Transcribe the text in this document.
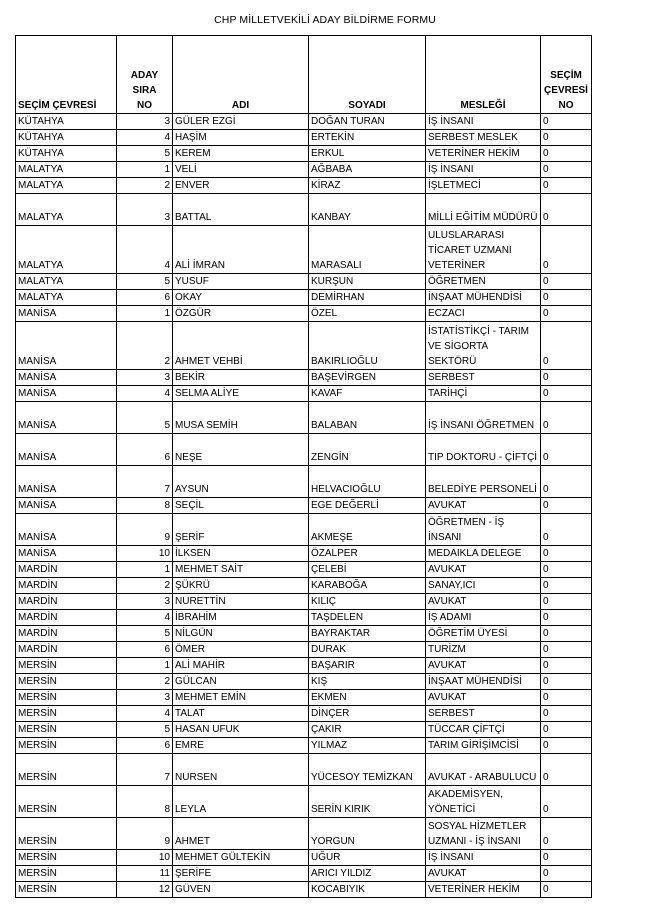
CHP MİLLETVEKİLİ ADAY BİLDİRME FORMU
SEÇİM ÇEVRESİ	ADAY SIRA NO	ADI	SOYADI	MESLEĞİ	SEÇİM ÇEVRESİ NO
KÜTAHYA	3	GÜLER EZGİ	DOĞAN TURAN	İŞ İNSANI	0
KÜTAHYA	4	HAŞİM	ERTEKİN	SERBEST MESLEK	0
KÜTAHYA	5	KEREM	ERKUL	VETERİNER HEKİM	0
MALATYA	1	VELİ	AĞBABA	İŞ İNSANI	0
MALATYA	2	ENVER	KİRAZ	İŞLETMECİ	0
MALATYA	3	BATTAL	KANBAY	MİLLİ EĞİTİM MÜDÜRÜ	0
MALATYA	4	ALİ İMRAN	MARASALI	ULUSLARARASI TİCARET UZMANI VETERİNER	0
MALATYA	5	YUSUF	KURŞUN	ÖĞRETMEN	0
MALATYA	6	OKAY	DEMİRHAN	İNŞAAT MÜHENDİSİ	0
MANİSA	1	ÖZGÜR	ÖZEL	ECZACI	0
MANİSA	2	AHMET VEHBİ	BAKIRLIOĞLU	İSTATİSTİKÇİ - TARIM VE SİGORTA SEKTÖRÜ	0
MANİSA	3	BEKİR	BAŞEVİRGEN	SERBEST	0
MANİSA	4	SELMA ALİYE	KAVAF	TARİHÇİ	0
MANİSA	5	MUSA SEMİH	BALABAN	İŞ İNSANI ÖĞRETMEN	0
MANİSA	6	NEŞE	ZENGİN	TIP DOKTORU - ÇİFTÇİ	0
MANİSA	7	AYSUN	HELVACIOĞLU	BELEDİYE PERSONELİ	0
MANİSA	8	SEÇİL	EGE DEĞERLİ	AVUKAT	0
MANİSA	9	ŞERİF	AKMEŞE	ÖĞRETMEN - İŞ İNSANI	0
MANİSA	10	İLKSEN	ÖZALPER	MEDAIKLA DELEGE	0
MARDİN	1	MEHMET SAİT	ÇELEBİ	AVUKAT	0
MARDİN	2	ŞÜKRÜ	KARABOĞA	SANAY,ICI	0
MARDİN	3	NURETTİN	KILIÇ	AVUKAT	0
MARDİN	4	İBRAHİM	TAŞDELEN	İŞ ADAMI	0
MARDİN	5	NİLGÜN	BAYRAKTAR	ÖĞRETİM ÜYESİ	0
MARDİN	6	ÖMER	DURAK	TURİZM	0
MERSİN	1	ALİ MAHİR	BAŞARIR	AVUKAT	0
MERSİN	2	GÜLCAN	KIŞ	İNŞAAT MÜHENDİSİ	0
MERSİN	3	MEHMET EMİN	EKMEN	AVUKAT	0
MERSİN	4	TALAT	DİNÇER	SERBEST	0
MERSİN	5	HASAN UFUK	ÇAKIR	TÜCCAR ÇİFTÇİ	0
MERSİN	6	EMRE	YILMAZ	TARIM GİRİŞİMCİSİ	0
MERSİN	7	NURSEN	YÜCESOY TEMİZKAN	AVUKAT - ARABULUCU	0
MERSİN	8	LEYLA	SERİN KIRIK	AKADEMİSYEN, YÖNETİCİ	0
MERSİN	9	AHMET	YORGUN	SOSYAL HİZMETLER UZMANI - İŞ İNSANI	0
MERSİN	10	MEHMET GÜLTEKİN	UĞUR	İŞ İNSANI	0
MERSİN	11	ŞERİFE	ARICI YILDIZ	AVUKAT	0
MERSİN	12	GÜVEN	KOCABIYIK	VETERİNER HEKİM	0
